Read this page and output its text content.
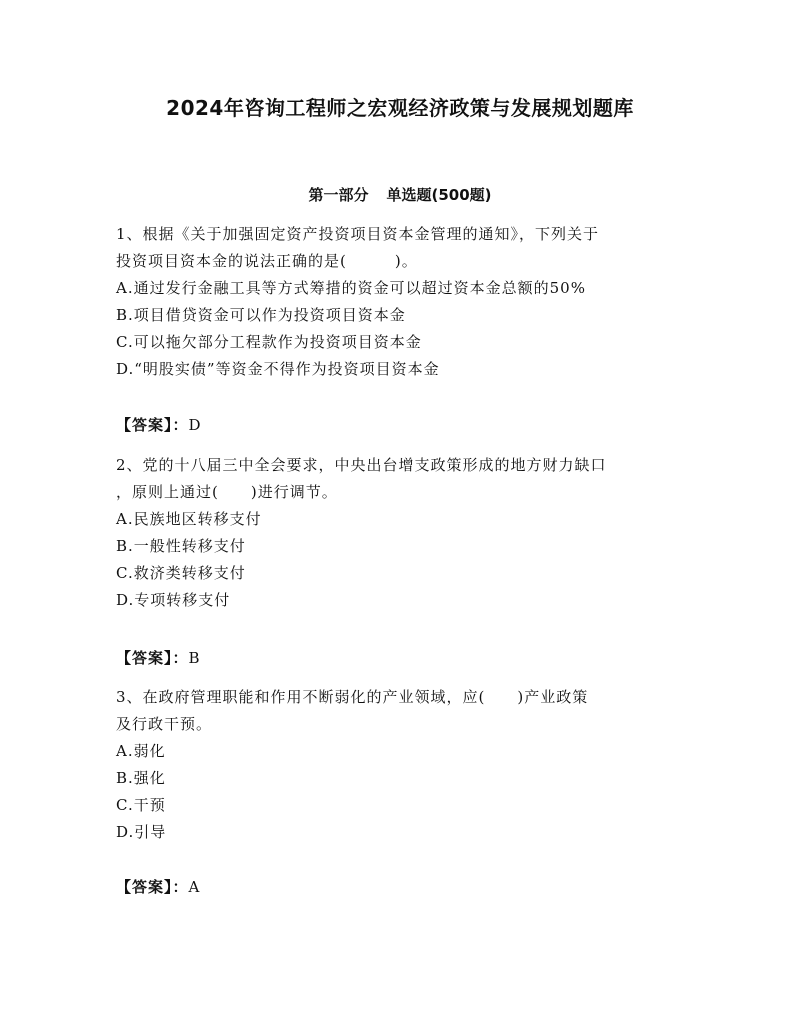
2024年咨询工程师之宏观经济政策与发展规划题库
第一部分 单选题(500题)
1、根据《关于加强固定资产投资项目资本金管理的通知》，下列关于
投资项目资本金的说法正确的是(　　　)。
A.通过发行金融工具等方式筹措的资金可以超过资本金总额的50%
B.项目借贷资金可以作为投资项目资本金
C.可以拖欠部分工程款作为投资项目资本金
D.“明股实债”等资金不得作为投资项目资本金
【答案】：D
2、党的十八届三中全会要求，中央出台增支政策形成的地方财力缺口
，原则上通过(　　)进行调节。
A.民族地区转移支付
B.一般性转移支付
C.救济类转移支付
D.专项转移支付
【答案】：B
3、在政府管理职能和作用不断弱化的产业领域，应(　　)产业政策
及行政干预。
A.弱化
B.强化
C.干预
D.引导
【答案】：A
